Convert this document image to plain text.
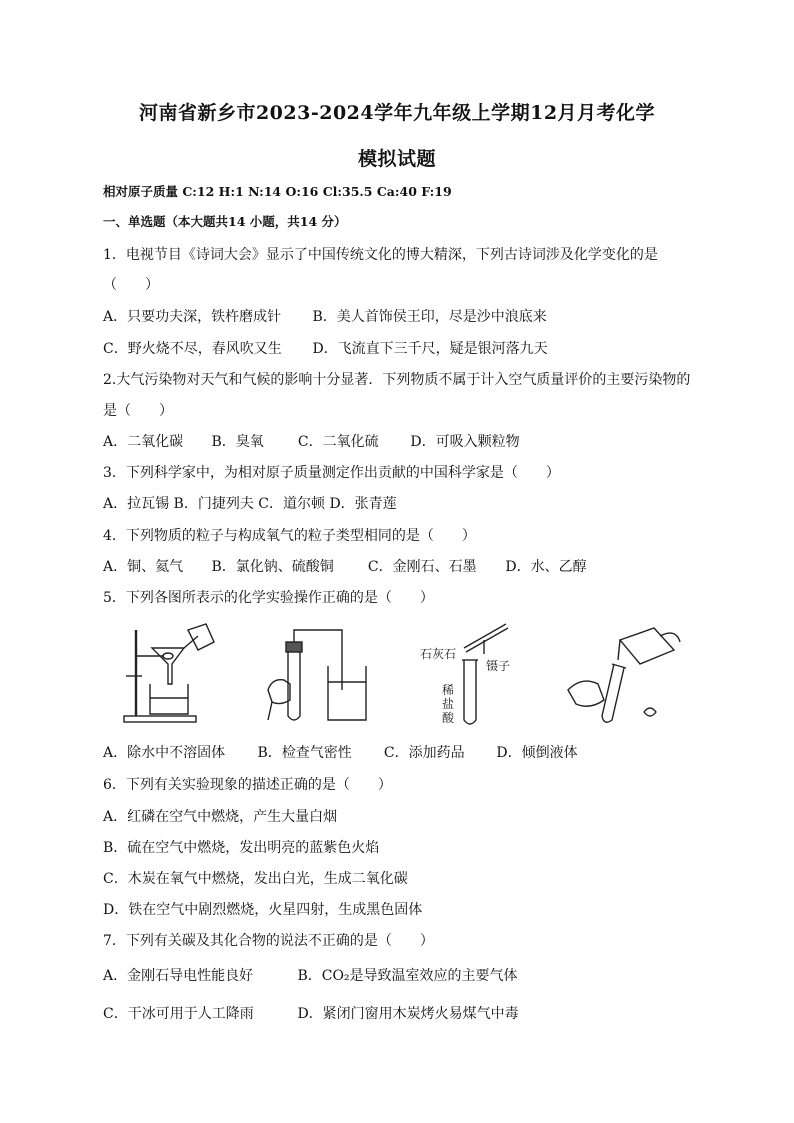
河南省新乡市2023-2024学年九年级上学期12月月考化学
模拟试题
相对原子质量 C:12 H:1 N:14 O:16 Cl:35.5 Ca:40 F:19
一、单选题（本大题共14 小题，共14 分）
1．电视节目《诗词大会》显示了中国传统文化的博大精深，下列古诗词涉及化学变化的是
（　　）
A．只要功夫深，铁杵磨成针 B．美人首饰侯王印，尽是沙中浪底来
C．野火烧不尽，春风吹又生 D．飞流直下三千尺，疑是银河落九天
2.大气污染物对天气和气候的影响十分显著．下列物质不属于计入空气质量评价的主要污染物的
是（　　）
A．二氧化碳 B．臭氧 C．二氧化硫 D．可吸入颗粒物
3．下列科学家中，为相对原子质量测定作出贡献的中国科学家是（　　）
A．拉瓦锡 B．门捷列夫 C．道尔顿 D．张青莲
4．下列物质的粒子与构成氧气的粒子类型相同的是（　　）
A．铜、氦气 B．氯化钠、硫酸铜 C．金刚石、石墨 D．水、乙醇
5．下列各图所表示的化学实验操作正确的是（　　）
石灰石
镊子
稀
盐
酸
A．除水中不溶固体 B．检查气密性 C．添加药品 D．倾倒液体
6．下列有关实验现象的描述正确的是（　　）
A．红磷在空气中燃烧，产生大量白烟
B．硫在空气中燃烧，发出明亮的蓝紫色火焰
C．木炭在氧气中燃烧，发出白光，生成二氧化碳
D．铁在空气中剧烈燃烧，火星四射，生成黑色固体
7．下列有关碳及其化合物的说法不正确的是（　　）
A．金刚石导电性能良好	B．CO₂是导致温室效应的主要气体
C．干冰可用于人工降雨	D．紧闭门窗用木炭烤火易煤气中毒
